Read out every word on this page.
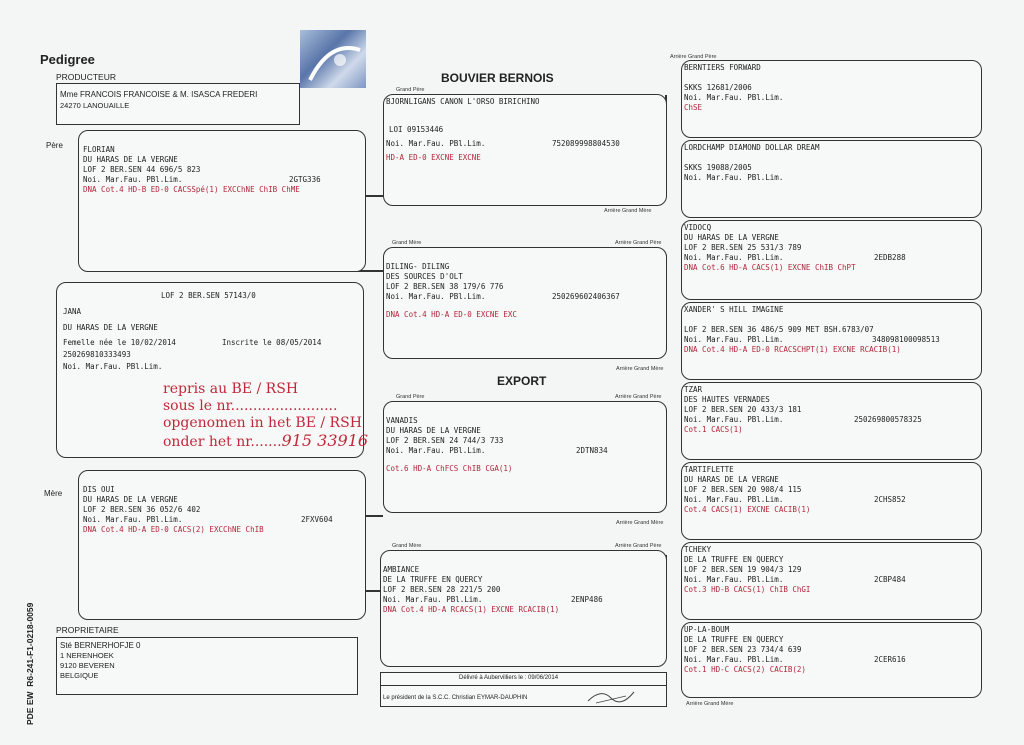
Pedigree
BOUVIER BERNOIS
EXPORT
PRODUCTEUR
Mme FRANCOIS FRANCOISE & M. ISASCA FREDERI
24270 LANOUAILLE
Père
Mère

FLORIAN
DU HARAS DE LA VERGNE
LOF 2 BER.SEN 44 696/5 823
Noi. Mar.Fau. PBl.Lim.
DNA Cot.4 HD-B ED-0 CACSSpé(1) EXCChNE ChIB ChME
2GTG336
LOF 2 BER.SEN 57143/0
JANA
DU HARAS DE LA VERGNE
Femelle née le 10/02/2014	Inscrite le 08/05/2014
250269810333493
Noi. Mar.Fau. PBl.Lim.
repris au BE / RSH
sous le nr........................
opgenomen in het BE / RSH
onder het nr.......915 33916

DIS OUI
DU HARAS DE LA VERGNE
LOF 2 BER.SEN 36 052/6 402
Noi. Mar.Fau. PBl.Lim.
DNA Cot.4 HD-A ED-0 CACS(2) EXCChNE ChIB
2FXV604
Grand Père
BJORNLIGANS CANON L'ORSO BIRICHINO
LOI 09153446
Noi. Mar.Fau. PBl.Lim.	752089998804530
HD-A ED-0 EXCNE EXCNE
Arrière Grand Mère
Grand Mère

DILING- DILING
DES SOURCES D'OLT
LOF 2 BER.SEN 38 179/6 776
Noi. Mar.Fau. PBl.Lim.	250269602406367
DNA Cot.4 HD-A ED-0 EXCNE EXC
Grand Père

VANADIS
DU HARAS DE LA VERGNE
LOF 2 BER.SEN 24 744/3 733
Noi. Mar.Fau. PBl.Lim.	2DTN834
Cot.6 HD-A ChFCS ChIB CGA(1)
Grand Mère

AMBIANCE
DE LA TRUFFE EN QUERCY
LOF 2 BER.SEN 28 221/5 200
Noi. Mar.Fau. PBl.Lim.
DNA Cot.4 HD-A RCACS(1) EXCNE RCACIB(1)
2ENP486
Arrière Grand Père
BERNTIERS FORWARD

SKKS 12681/2006
Noi. Mar.Fau. PBl.Lim.
ChSE
LORDCHAMP DIAMOND DOLLAR DREAM

SKKS 19088/2005
Noi. Mar.Fau. PBl.Lim.
Arrière Grand Père
VIDOCQ
DU HARAS DE LA VERGNE
LOF 2 BER.SEN 25 531/3 789
Noi. Mar.Fau. PBl.Lim.
DNA Cot.6 HD-A CACS(1) EXCNE ChIB ChPT
2EDB288
XANDER' S HILL IMAGINE

LOF 2 BER.SEN 36 486/5 909 MET BSH.6783/07
Noi. Mar.Fau. PBl.Lim.
DNA Cot.4 HD-A ED-0 RCACSCHPT(1) EXCNE RCACIB(1)
348098100098513
Arrière Grand Mère
Arrière Grand Père
TZAR
DES HAUTES VERNADES
LOF 2 BER.SEN 20 433/3 181
Noi. Mar.Fau. PBl.Lim.
Cot.1 CACS(1)
250269800578325
TARTIFLETTE
DU HARAS DE LA VERGNE
LOF 2 BER.SEN 20 908/4 115
Noi. Mar.Fau. PBl.Lim.
Cot.4 CACS(1) EXCNE CACIB(1)
2CHS852
Arrière Grand Mère
Arrière Grand Père	TCHEKY
DE LA TRUFFE EN QUERCY
LOF 2 BER.SEN 19 904/3 129
Noi. Mar.Fau. PBl.Lim.
Cot.3 HD-B CACS(1) ChIB ChGI
2CBP484
UP-LA-BOUM
DE LA TRUFFE EN QUERCY
LOF 2 BER.SEN 23 734/4 639
Noi. Mar.Fau. PBl.Lim.
Cot.1 HD-C CACS(2) CACIB(2)
2CER616
Arrière Grand Mère
PROPRIETAIRE
Sté BERNERHOFJE 0
1 NERENHOEK
9120 BEVEREN
BELGIQUE	Délivré à Aubervilliers le : 09/06/2014
Le président de la S.C.C. Christian EYMAR-DAUPHIN
PDE EW  R6-241-F1-0218-0059
